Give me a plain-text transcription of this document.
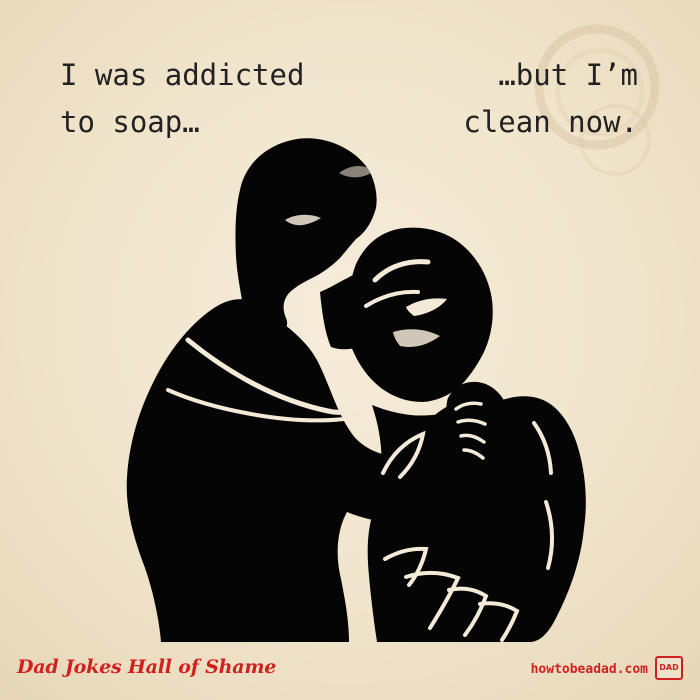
I was addicted
to soap…

…but I’m
clean now.

Dad Jokes Hall of Shame	howtobeadad.com	DAD
